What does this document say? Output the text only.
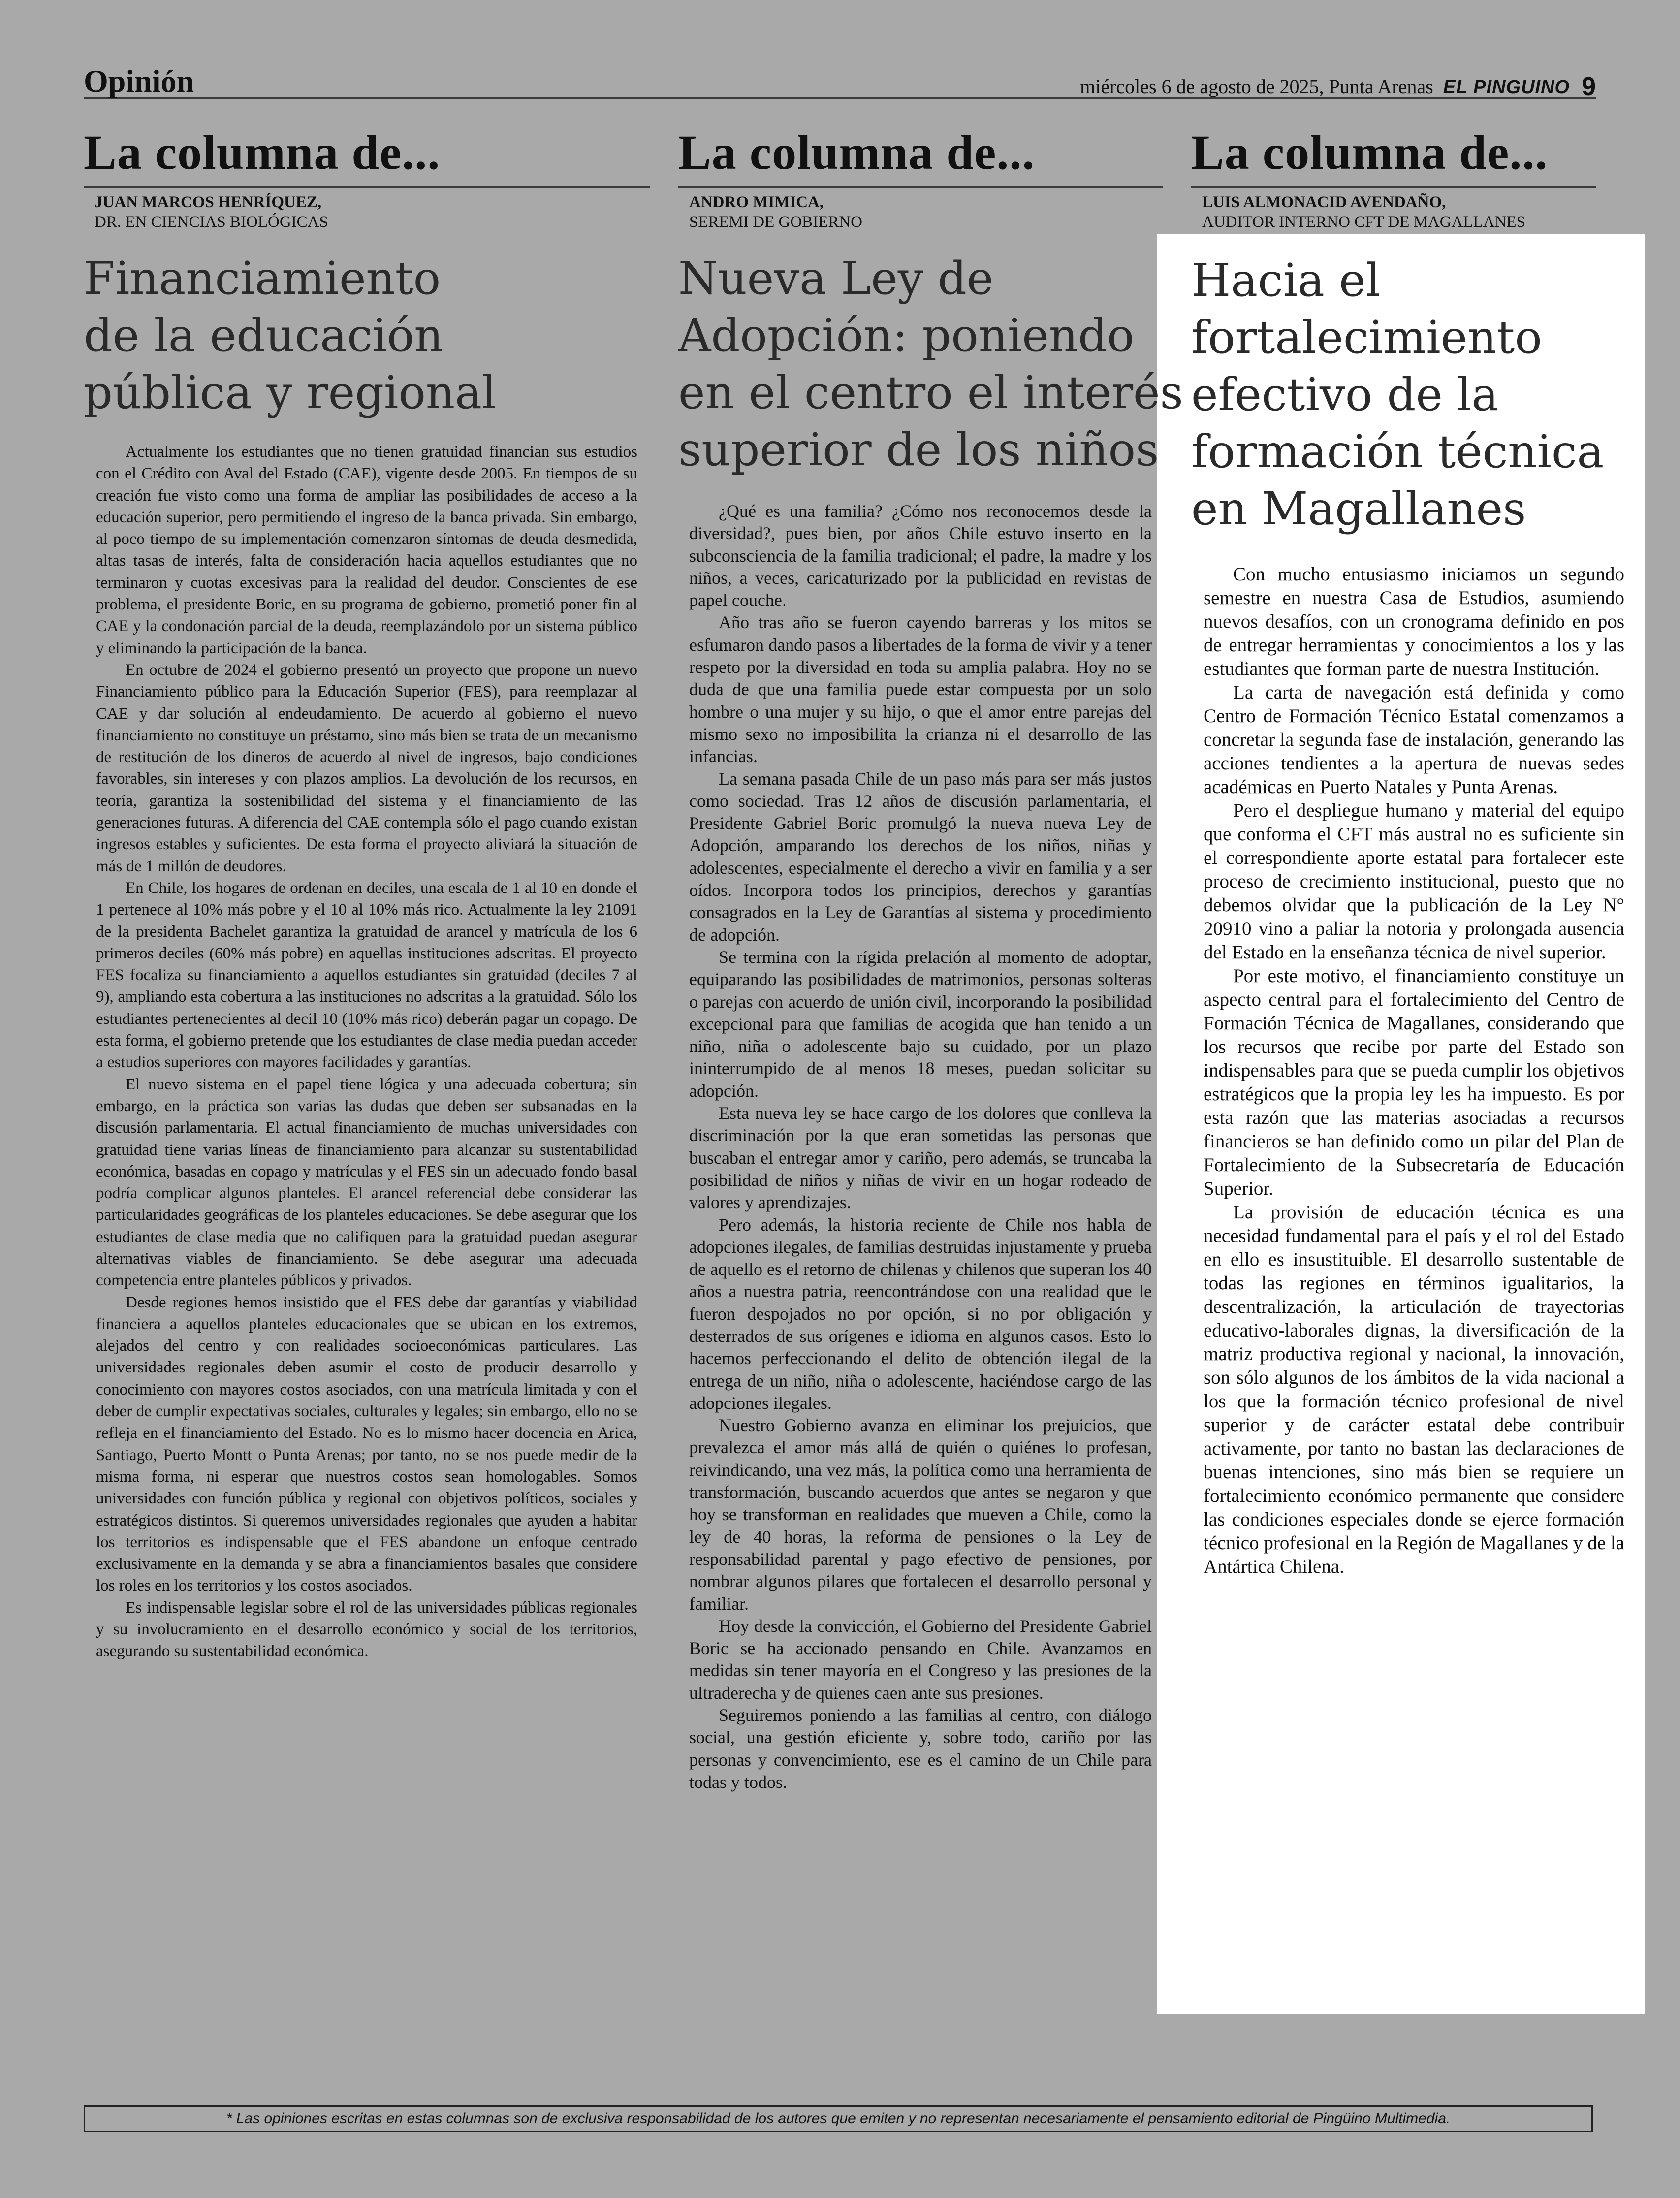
Opinión	miércoles 6 de agosto de 2025, Punta Arenas EL PINGUINO 9
La columna de...
JUAN MARCOS HENRÍQUEZ,
DR. EN CIENCIAS BIOLÓGICAS
Financiamiento
de la educación
pública y regional

Actualmente los estudiantes que no tienen gratuidad financian sus estudios con el Crédito con Aval del Estado (CAE), vigente desde 2005. En tiempos de su creación fue visto como una forma de ampliar las posibilidades de acceso a la educación superior, pero permitiendo el ingreso de la banca privada. Sin embargo, al poco tiempo de su implementación comenzaron síntomas de deuda desmedida, altas tasas de interés, falta de consideración hacia aquellos estudiantes que no terminaron y cuotas excesivas para la realidad del deudor. Conscientes de ese problema, el presidente Boric, en su programa de gobierno, prometió poner fin al CAE y la condonación parcial de la deuda, reemplazándolo por un sistema público y eliminando la participación de la banca.

En octubre de 2024 el gobierno presentó un proyecto que propone un nuevo Financiamiento público para la Educación Superior (FES), para reemplazar al CAE y dar solución al endeudamiento. De acuerdo al gobierno el nuevo financiamiento no constituye un préstamo, sino más bien se trata de un mecanismo de restitución de los dineros de acuerdo al nivel de ingresos, bajo condiciones favorables, sin intereses y con plazos amplios. La devolución de los recursos, en teoría, garantiza la sostenibilidad del sistema y el financiamiento de las generaciones futuras. A diferencia del CAE contempla sólo el pago cuando existan ingresos estables y suficientes. De esta forma el proyecto aliviará la situación de más de 1 millón de deudores.

En Chile, los hogares de ordenan en deciles, una escala de 1 al 10 en donde el 1 pertenece al 10% más pobre y el 10 al 10% más rico. Actualmente la ley 21091 de la presidenta Bachelet garantiza la gratuidad de arancel y matrícula de los 6 primeros deciles (60% más pobre) en aquellas instituciones adscritas. El proyecto FES focaliza su financiamiento a aquellos estudiantes sin gratuidad (deciles 7 al 9), ampliando esta cobertura a las instituciones no adscritas a la gratuidad. Sólo los estudiantes pertenecientes al decil 10 (10% más rico) deberán pagar un copago. De esta forma, el gobierno pretende que los estudiantes de clase media puedan acceder a estudios superiores con mayores facilidades y garantías.

El nuevo sistema en el papel tiene lógica y una adecuada cobertura; sin embargo, en la práctica son varias las dudas que deben ser subsanadas en la discusión parlamentaria. El actual financiamiento de muchas universidades con gratuidad tiene varias líneas de financiamiento para alcanzar su sustentabilidad económica, basadas en copago y matrículas y el FES sin un adecuado fondo basal podría complicar algunos planteles. El arancel referencial debe considerar las particularidades geográficas de los planteles educaciones. Se debe asegurar que los estudiantes de clase media que no califiquen para la gratuidad puedan asegurar alternativas viables de financiamiento. Se debe asegurar una adecuada competencia entre planteles públicos y privados.

Desde regiones hemos insistido que el FES debe dar garantías y viabilidad financiera a aquellos planteles educacionales que se ubican en los extremos, alejados del centro y con realidades socioeconómicas particulares. Las universidades regionales deben asumir el costo de producir desarrollo y conocimiento con mayores costos asociados, con una matrícula limitada y con el deber de cumplir expectativas sociales, culturales y legales; sin embargo, ello no se refleja en el financiamiento del Estado. No es lo mismo hacer docencia en Arica, Santiago, Puerto Montt o Punta Arenas; por tanto, no se nos puede medir de la misma forma, ni esperar que nuestros costos sean homologables. Somos universidades con función pública y regional con objetivos políticos, sociales y estratégicos distintos. Si queremos universidades regionales que ayuden a habitar los territorios es indispensable que el FES abandone un enfoque centrado exclusivamente en la demanda y se abra a financiamientos basales que considere los roles en los territorios y los costos asociados.

Es indispensable legislar sobre el rol de las universidades públicas regionales y su involucramiento en el desarrollo económico y social de los territorios, asegurando su sustentabilidad económica.

La columna de...
ANDRO MIMICA,
SEREMI DE GOBIERNO
Nueva Ley de
Adopción: poniendo
en el centro el interés
superior de los niños

¿Qué es una familia? ¿Cómo nos reconocemos desde la diversidad?, pues bien, por años Chile estuvo inserto en la subconsciencia de la familia tradicional; el padre, la madre y los niños, a veces, caricaturizado por la publicidad en revistas de papel couche.

Año tras año se fueron cayendo barreras y los mitos se esfumaron dando pasos a libertades de la forma de vivir y a tener respeto por la diversidad en toda su amplia palabra. Hoy no se duda de que una familia puede estar compuesta por un solo hombre o una mujer y su hijo, o que el amor entre parejas del mismo sexo no imposibilita la crianza ni el desarrollo de las infancias.

La semana pasada Chile de un paso más para ser más justos como sociedad. Tras 12 años de discusión parlamentaria, el Presidente Gabriel Boric promulgó la nueva nueva Ley de Adopción, amparando los derechos de los niños, niñas y adolescentes, especialmente el derecho a vivir en familia y a ser oídos. Incorpora todos los principios, derechos y garantías consagrados en la Ley de Garantías al sistema y procedimiento de adopción.

Se termina con la rígida prelación al momento de adoptar, equiparando las posibilidades de matrimonios, personas solteras o parejas con acuerdo de unión civil, incorporando la posibilidad excepcional para que familias de acogida que han tenido a un niño, niña o adolescente bajo su cuidado, por un plazo ininterrumpido de al menos 18 meses, puedan solicitar su adopción.

Esta nueva ley se hace cargo de los dolores que conlleva la discriminación por la que eran sometidas las personas que buscaban el entregar amor y cariño, pero además, se truncaba la posibilidad de niños y niñas de vivir en un hogar rodeado de valores y aprendizajes.

Pero además, la historia reciente de Chile nos habla de adopciones ilegales, de familias destruidas injustamente y prueba de aquello es el retorno de chilenas y chilenos que superan los 40 años a nuestra patria, reencontrándose con una realidad que le fueron despojados no por opción, si no por obligación y desterrados de sus orígenes e idioma en algunos casos. Esto lo hacemos perfeccionando el delito de obtención ilegal de la entrega de un niño, niña o adolescente, haciéndose cargo de las adopciones ilegales.

Nuestro Gobierno avanza en eliminar los prejuicios, que prevalezca el amor más allá de quién o quiénes lo profesan, reivindicando, una vez más, la política como una herramienta de transformación, buscando acuerdos que antes se negaron y que hoy se transforman en realidades que mueven a Chile, como la ley de 40 horas, la reforma de pensiones o la Ley de responsabilidad parental y pago efectivo de pensiones, por nombrar algunos pilares que fortalecen el desarrollo personal y familiar.

Hoy desde la convicción, el Gobierno del Presidente Gabriel Boric se ha accionado pensando en Chile. Avanzamos en medidas sin tener mayoría en el Congreso y las presiones de la ultraderecha y de quienes caen ante sus presiones.

Seguiremos poniendo a las familias al centro, con diálogo social, una gestión eficiente y, sobre todo, cariño por las personas y convencimiento, ese es el camino de un Chile para todas y todos.

La columna de...
LUIS ALMONACID AVENDAÑO,
AUDITOR INTERNO CFT DE MAGALLANES
Hacia el
fortalecimiento
efectivo de la
formación técnica
en Magallanes

Con mucho entusiasmo iniciamos un segundo semestre en nuestra Casa de Estudios, asumiendo nuevos desafíos, con un cronograma definido en pos de entregar herramientas y conocimientos a los y las estudiantes que forman parte de nuestra Institución.

La carta de navegación está definida y como Centro de Formación Técnico Estatal comenzamos a concretar la segunda fase de instalación, generando las acciones tendientes a la apertura de nuevas sedes académicas en Puerto Natales y Punta Arenas.

Pero el despliegue humano y material del equipo que conforma el CFT más austral no es suficiente sin el correspondiente aporte estatal para fortalecer este proceso de crecimiento institucional, puesto que no debemos olvidar que la publicación de la Ley N° 20910 vino a paliar la notoria y prolongada ausencia del Estado en la enseñanza técnica de nivel superior.

Por este motivo, el financiamiento constituye un aspecto central para el fortalecimiento del Centro de Formación Técnica de Magallanes, considerando que los recursos que recibe por parte del Estado son indispensables para que se pueda cumplir los objetivos estratégicos que la propia ley les ha impuesto. Es por esta razón que las materias asociadas a recursos financieros se han definido como un pilar del Plan de Fortalecimiento de la Subsecretaría de Educación Superior.

La provisión de educación técnica es una necesidad fundamental para el país y el rol del Estado en ello es insustituible. El desarrollo sustentable de todas las regiones en términos igualitarios, la descentralización, la articulación de trayectorias educativo-laborales dignas, la diversificación de la matriz productiva regional y nacional, la innovación, son sólo algunos de los ámbitos de la vida nacional a los que la formación técnico profesional de nivel superior y de carácter estatal debe contribuir activamente, por tanto no bastan las declaraciones de buenas intenciones, sino más bien se requiere un fortalecimiento económico permanente que considere las condiciones especiales donde se ejerce formación técnico profesional en la Región de Magallanes y de la Antártica Chilena.

* Las opiniones escritas en estas columnas son de exclusiva responsabilidad de los autores que emiten y no representan necesariamente el pensamiento editorial de Pingüino Multimedia.
